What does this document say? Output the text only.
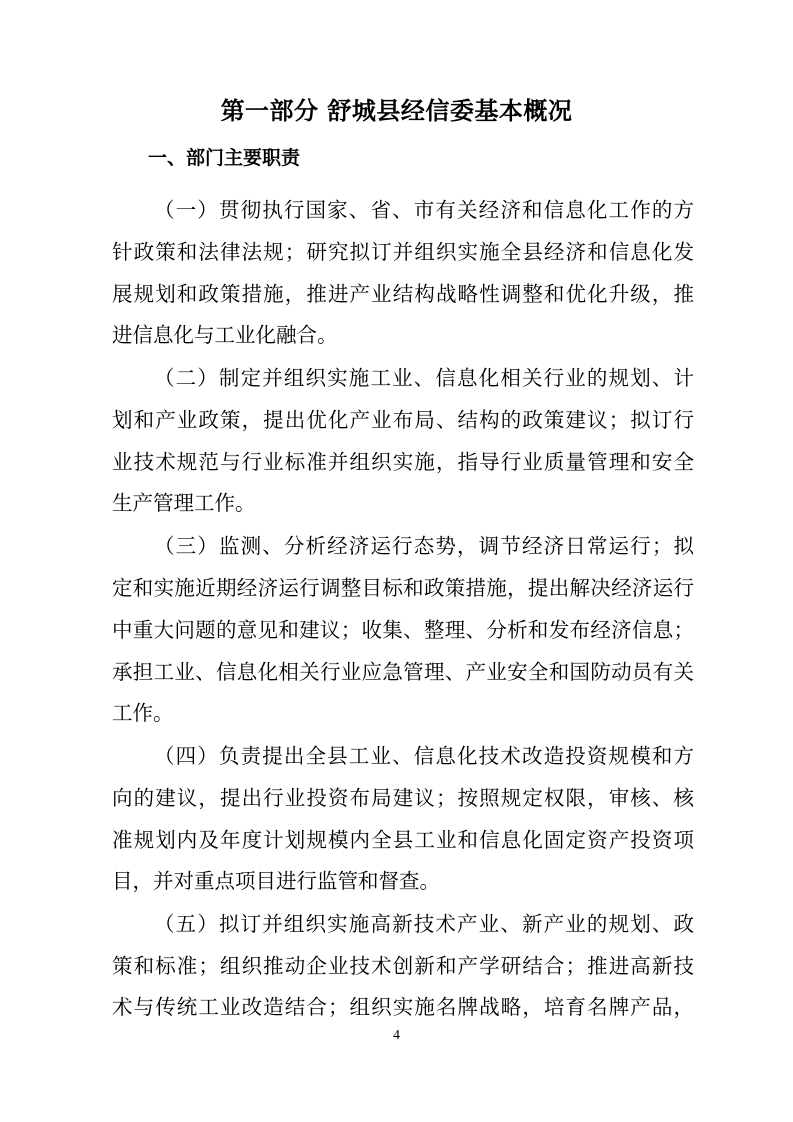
第一部分 舒城县经信委基本概况
一、部门主要职责
（一）贯彻执行国家、省、市有关经济和信息化工作的方
针政策和法律法规；研究拟订并组织实施全县经济和信息化发
展规划和政策措施，推进产业结构战略性调整和优化升级，推
进信息化与工业化融合。
（二）制定并组织实施工业、信息化相关行业的规划、计
划和产业政策，提出优化产业布局、结构的政策建议；拟订行
业技术规范与行业标准并组织实施，指导行业质量管理和安全
生产管理工作。
（三）监测、分析经济运行态势，调节经济日常运行；拟
定和实施近期经济运行调整目标和政策措施，提出解决经济运行
中重大问题的意见和建议；收集、整理、分析和发布经济信息；
承担工业、信息化相关行业应急管理、产业安全和国防动员有关
工作。
（四）负责提出全县工业、信息化技术改造投资规模和方
向的建议，提出行业投资布局建议；按照规定权限，审核、核
准规划内及年度计划规模内全县工业和信息化固定资产投资项
目，并对重点项目进行监管和督查。
（五）拟订并组织实施高新技术产业、新产业的规划、政
策和标准；组织推动企业技术创新和产学研结合；推进高新技
术与传统工业改造结合；组织实施名牌战略，培育名牌产品，
4
